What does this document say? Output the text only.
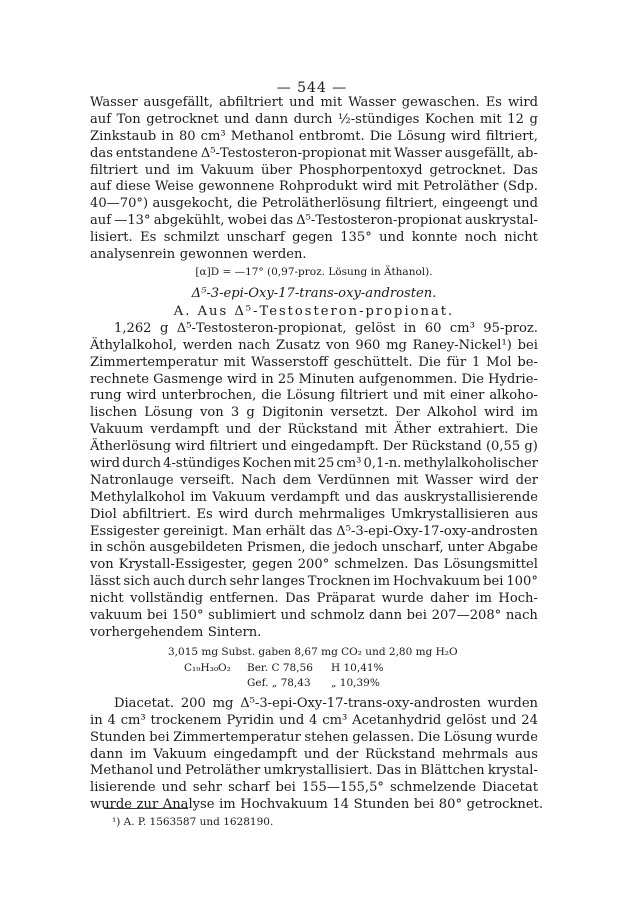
— 544 —
Wasser ausgefällt, abfiltriert und mit Wasser gewaschen. Es wird
auf Ton getrocknet und dann durch ½-stündiges Kochen mit 12 g
Zinkstaub in 80 cm³ Methanol entbromt. Die Lösung wird filtriert,
das entstandene Δ⁵-Testosteron-propionat mit Wasser ausgefällt, ab-
filtriert und im Vakuum über Phosphorpentoxyd getrocknet. Das
auf diese Weise gewonnene Rohprodukt wird mit Petroläther (Sdp.
40—70°) ausgekocht, die Petrolätherlösung filtriert, eingeengt und
auf —13° abgekühlt, wobei das Δ⁵-Testosteron-propionat auskrystal-
lisiert. Es schmilzt unscharf gegen 135° und konnte noch nicht
analysenrein gewonnen werden.
[α]D = —17° (0,97-proz. Lösung in Äthanol).
Δ⁵-3-epi-Oxy-17-trans-oxy-androsten.
A. Aus Δ⁵-Testosteron-propionat.
1,262 g Δ⁵-Testosteron-propionat, gelöst in 60 cm³ 95-proz.
Äthylalkohol, werden nach Zusatz von 960 mg Raney-Nickel¹) bei
Zimmertemperatur mit Wasserstoff geschüttelt. Die für 1 Mol be-
rechnete Gasmenge wird in 25 Minuten aufgenommen. Die Hydrie-
rung wird unterbrochen, die Lösung filtriert und mit einer alkoho-
lischen Lösung von 3 g Digitonin versetzt. Der Alkohol wird im
Vakuum verdampft und der Rückstand mit Äther extrahiert. Die
Ätherlösung wird filtriert und eingedampft. Der Rückstand (0,55 g)
wird durch 4-stündiges Kochen mit 25 cm³ 0,1-n. methylalkoholischer
Natronlauge verseift. Nach dem Verdünnen mit Wasser wird der
Methylalkohol im Vakuum verdampft und das auskrystallisierende
Diol abfiltriert. Es wird durch mehrmaliges Umkrystallisieren aus
Essigester gereinigt. Man erhält das Δ⁵-3-epi-Oxy-17-oxy-androsten
in schön ausgebildeten Prismen, die jedoch unscharf, unter Abgabe
von Krystall-Essigester, gegen 200° schmelzen. Das Lösungsmittel
lässt sich auch durch sehr langes Trocknen im Hochvakuum bei 100°
nicht vollständig entfernen. Das Präparat wurde daher im Hoch-
vakuum bei 150° sublimiert und schmolz dann bei 207—208° nach
vorhergehendem Sintern.
Diacetat. 200 mg Δ⁵-3-epi-Oxy-17-trans-oxy-androsten wurden
in 4 cm³ trockenem Pyridin und 4 cm³ Acetanhydrid gelöst und 24
Stunden bei Zimmertemperatur stehen gelassen. Die Lösung wurde
dann im Vakuum eingedampft und der Rückstand mehrmals aus
Methanol und Petroläther umkrystallisiert. Das in Blättchen krystal-
lisierende und sehr scharf bei 155—155,5° schmelzende Diacetat
wurde zur Analyse im Hochvakuum 14 Stunden bei 80° getrocknet.
3,015 mg Subst. gaben 8,67 mg CO₂ und 2,80 mg H₂O
C₁₉H₃₀O₂ Ber. C 78,56 H 10,41%
Gef. „ 78,43 „ 10,39%
¹) A. P. 1563587 und 1628190.
